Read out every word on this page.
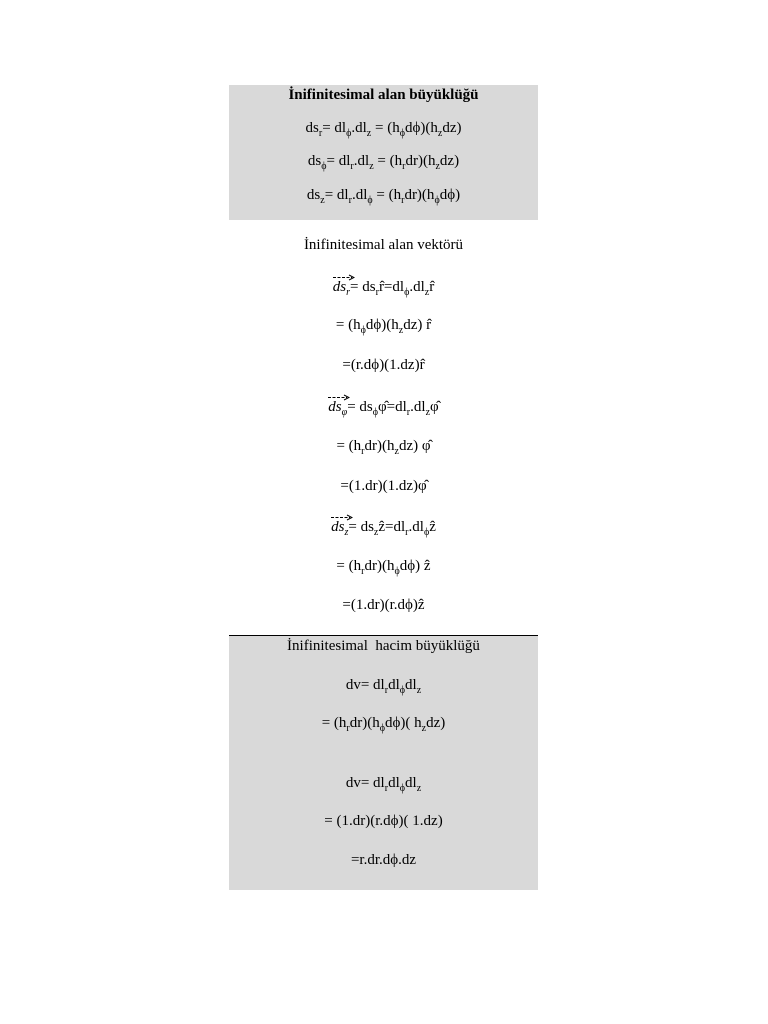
İnifinitesimal alan büyüklüğü
$ds_r= dl_\phi.dl_z = (h_\phi d\phi)(h_zdz)$
$ds_\phi= dl_r.dl_z = (h_rdr)(h_zdz)$
$ds_z= dl_r.dl_\phi = (h_rdr)(h_\phi d\phi)$
İnifinitesimal alan vektörü
$ds_r=$ $ds_rr̂=dl_\phi.dl_zr̂$
= $(h_\phi d\phi)(h_zdz)$ r̂
=(r.dϕ)(1.dz)r̂
$ds_\varphi=$ $ds_\phi\varphî=dl_r.dl_z\varphî$
= $(h_rdr)(h_zdz)$ φ̂
=(1.dr)(1.dz)φ̂
$ds_z=$ $ds_zẑ=dl_r.dl_\phi ẑ$
= $(h_rdr)(h_\phi d\phi)$ ẑ
=(1.dr)(r.dϕ)ẑ
İnifinitesimal  hacim büyüklüğü
$dv= dl_rdl_\phi dl_z$
= $(h_rdr)(h_\phi d\phi)$( $h_zdz$)
$dv= dl_rdl_\phi dl_z$
= (1.dr)(r.dϕ)( 1.dz)
=r.dr.dϕ.dz
